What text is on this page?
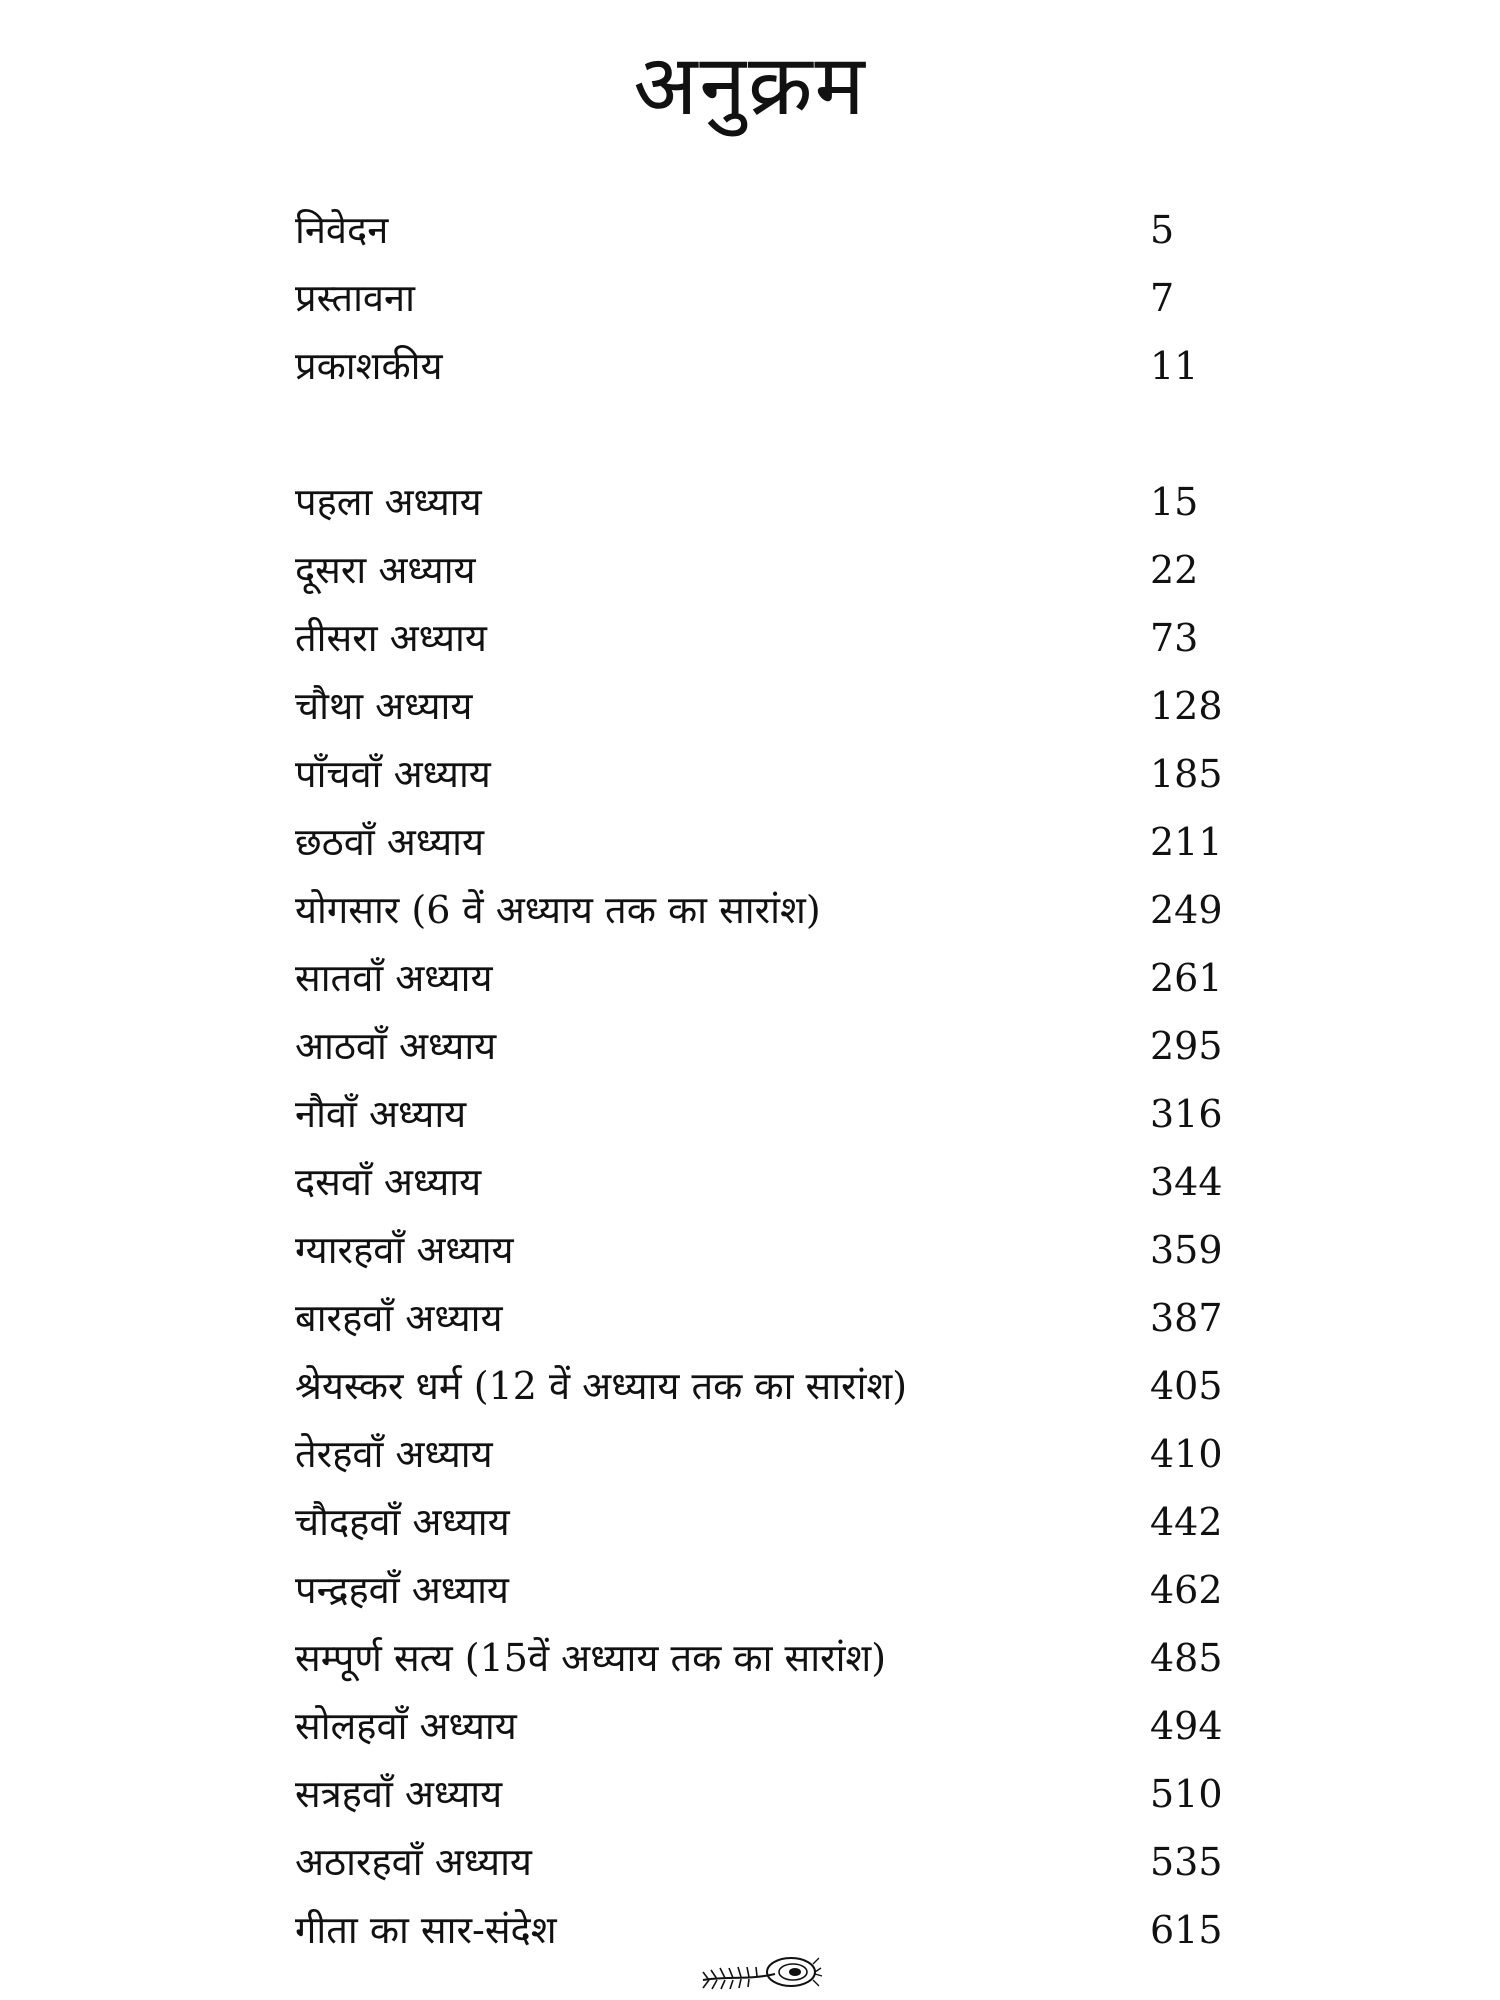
अनुक्रम
निवेदन	5
प्रस्तावना	7
प्रकाशकीय	11
पहला अध्याय	15
दूसरा अध्याय	22
तीसरा अध्याय	73
चौथा अध्याय	128
पाँचवाँ अध्याय	185
छठवाँ अध्याय	211
योगसार (6 वें अध्याय तक का सारांश)	249
सातवाँ अध्याय	261
आठवाँ अध्याय	295
नौवाँ अध्याय	316
दसवाँ अध्याय	344
ग्यारहवाँ अध्याय	359
बारहवाँ अध्याय	387
श्रेयस्कर धर्म (12 वें अध्याय तक का सारांश)	405
तेरहवाँ अध्याय	410
चौदहवाँ अध्याय	442
पन्द्रहवाँ अध्याय	462
सम्पूर्ण सत्य (15वें अध्याय तक का सारांश)	485
सोलहवाँ अध्याय	494
सत्रहवाँ अध्याय	510
अठारहवाँ अध्याय	535
गीता का सार-संदेश	615
